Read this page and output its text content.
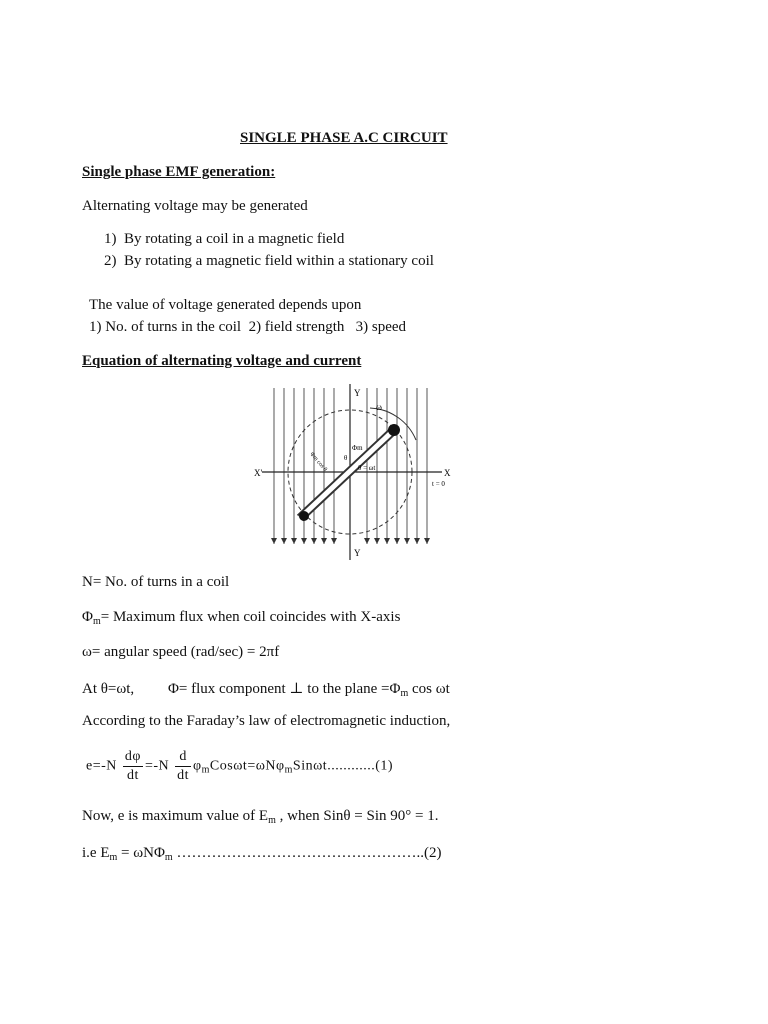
SINGLE PHASE A.C CIRCUIT
Single phase EMF generation:
Alternating voltage may be generated
1)  By rotating a coil in a magnetic field
2)  By rotating a magnetic field within a stationary coil
The value of voltage generated depends upon
1) No. of turns in the coil 2) field strength 3) speed
Equation of alternating voltage and current
Y
Y
X'	X
ω
Φm
θ
θ = ωt
t = 0
Φm cos θ
N= No. of turns in a coil
$\Phi_m=$ Maximum flux when coil coincides with X-axis
ω= angular speed (rad/sec) = 2πf
At θ=ωt, Φ= flux component ⊥ to the plane $=\Phi_m$ cos ωt
According to the Faraday’s law of electromagnetic induction,
$e=-N \frac{d\varphi}{dt} =-N \frac{d}{dt} \varphi_mCos\omega t=\omega N\varphi_mSin\omega t............(1)$
Now, e is maximum value of $E_m$ , when Sinθ = Sin 90° = 1.
i.e $E_m = \omega N\Phi_m$ …………………………………………..(2)
